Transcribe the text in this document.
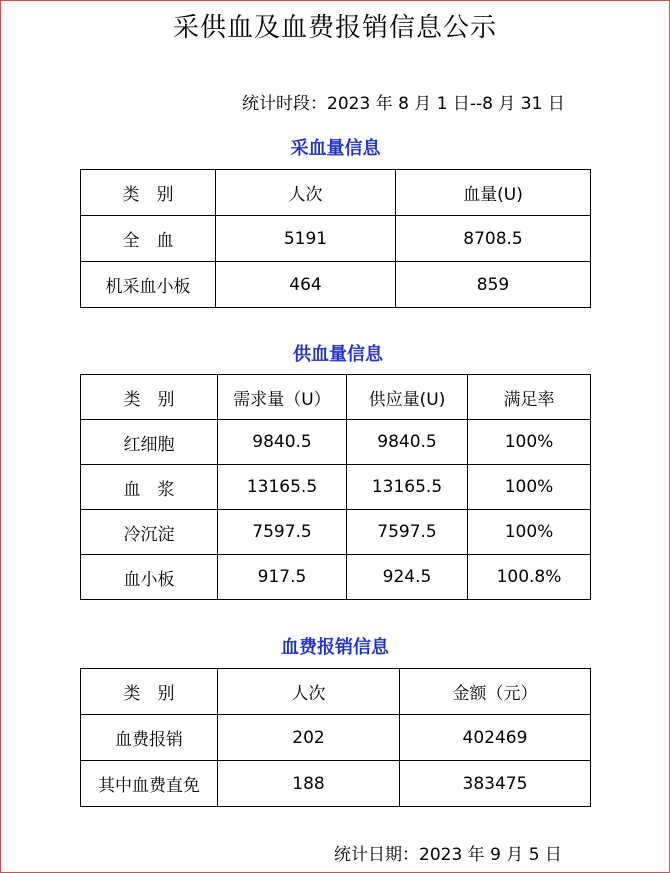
采供血及血费报销信息公示
统计时段：2023 年 8 月 1 日--8 月 31 日
采血量信息
类　别	人次	血量(U)
全　血	5191	8708.5
机采血小板	464	859
供血量信息
类　别	需求量（U）	供应量(U)	满足率
红细胞	9840.5	9840.5	100%
血　浆	13165.5	13165.5	100%
冷沉淀	7597.5	7597.5	100%
血小板	917.5	924.5	100.8%
血费报销信息
类　别	人次	金额（元）
血费报销	202	402469
其中血费直免	188	383475
统计日期：2023 年 9 月 5 日
